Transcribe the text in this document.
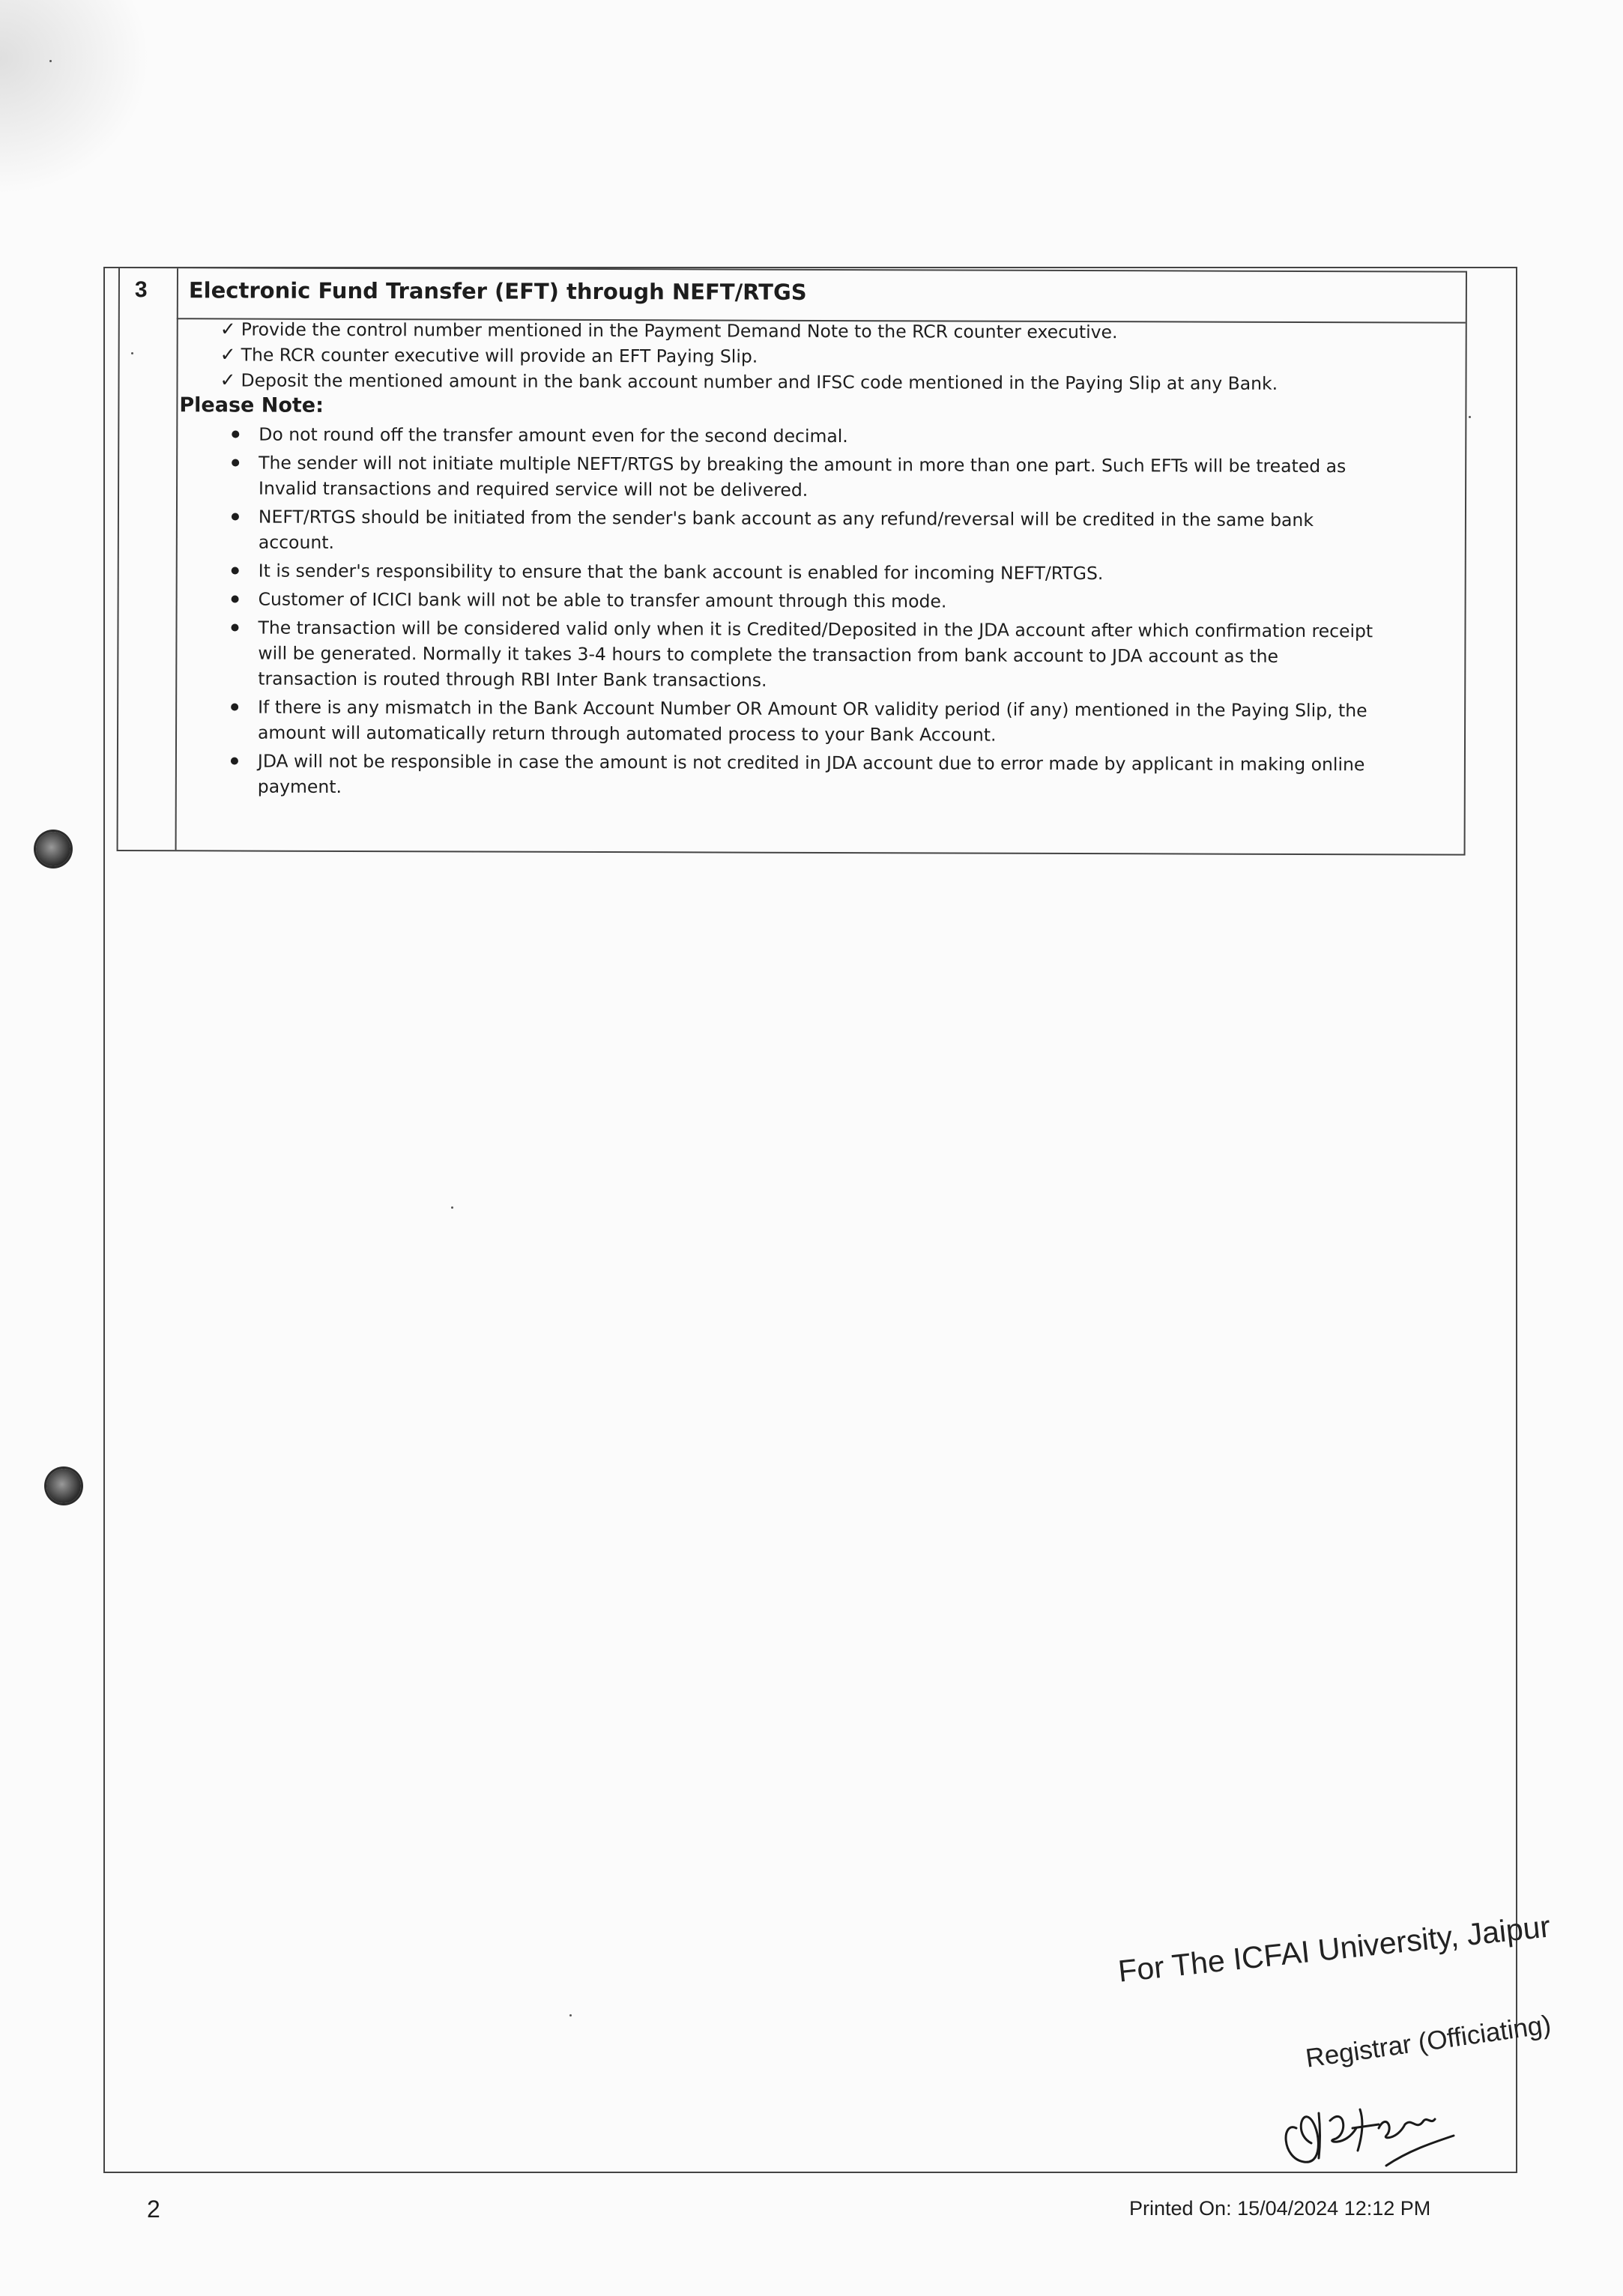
3 Electronic Fund Transfer (EFT) through NEFT/RTGS
✓ Provide the control number mentioned in the Payment Demand Note to the RCR counter executive.
✓ The RCR counter executive will provide an EFT Paying Slip.
✓ Deposit the mentioned amount in the bank account number and IFSC code mentioned in the Paying Slip at any Bank.
Please Note:
Do not round off the transfer amount even for the second decimal.
The sender will not initiate multiple NEFT/RTGS by breaking the amount in more than one part. Such EFTs will be treated as Invalid transactions and required service will not be delivered.
NEFT/RTGS should be initiated from the sender's bank account as any refund/reversal will be credited in the same bank account.
It is sender's responsibility to ensure that the bank account is enabled for incoming NEFT/RTGS.
Customer of ICICI bank will not be able to transfer amount through this mode.
The transaction will be considered valid only when it is Credited/Deposited in the JDA account after which confirmation receipt will be generated. Normally it takes 3-4 hours to complete the transaction from bank account to JDA account as the transaction is routed through RBI Inter Bank transactions.
If there is any mismatch in the Bank Account Number OR Amount OR validity period (if any) mentioned in the Paying Slip, the amount will automatically return through automated process to your Bank Account.
JDA will not be responsible in case the amount is not credited in JDA account due to error made by applicant in making online payment.
For The ICFAI University, Jaipur
Registrar (Officiating)
2	Printed On: 15/04/2024 12:12 PM
